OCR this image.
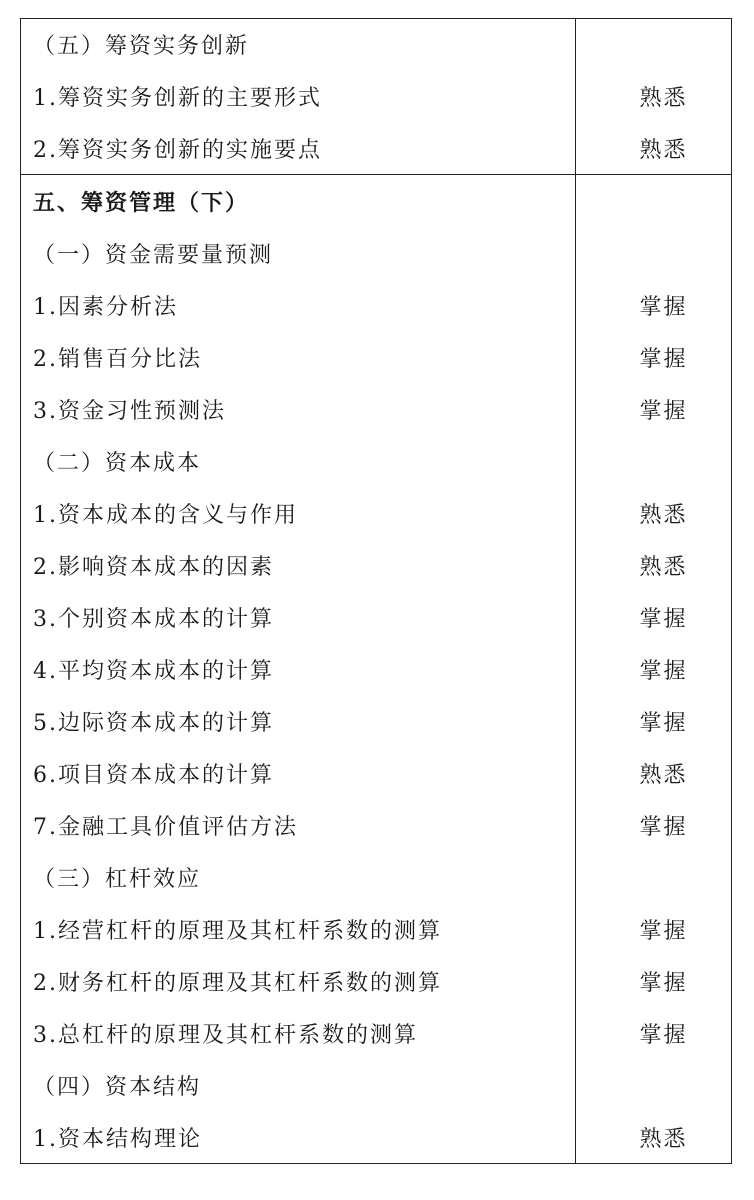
（五）筹资实务创新
1.筹资实务创新的主要形式	熟悉
2.筹资实务创新的实施要点	熟悉
五、筹资管理（下）
（一）资金需要量预测
1.因素分析法	掌握
2.销售百分比法	掌握
3.资金习性预测法	掌握
（二）资本成本
1.资本成本的含义与作用	熟悉
2.影响资本成本的因素	熟悉
3.个别资本成本的计算	掌握
4.平均资本成本的计算	掌握
5.边际资本成本的计算	掌握
6.项目资本成本的计算	熟悉
7.金融工具价值评估方法	掌握
（三）杠杆效应
1.经营杠杆的原理及其杠杆系数的测算	掌握
2.财务杠杆的原理及其杠杆系数的测算	掌握
3.总杠杆的原理及其杠杆系数的测算	掌握
（四）资本结构
1.资本结构理论	熟悉
